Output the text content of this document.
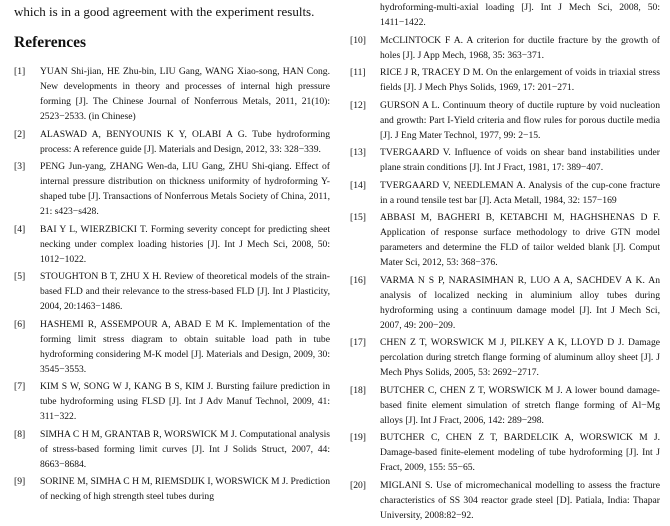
which is in a good agreement with the experiment results.
References
[1]	YUAN Shi-jian, HE Zhu-bin, LIU Gang, WANG Xiao-song, HAN Cong. New developments in theory and processes of internal high pressure forming [J]. The Chinese Journal of Nonferrous Metals, 2011, 21(10): 2523−2533. (in Chinese)
[2]	ALASWAD A, BENYOUNIS K Y, OLABI A G. Tube hydroforming process: A reference guide [J]. Materials and Design, 2012, 33: 328−339.
[3]	PENG Jun-yang, ZHANG Wen-da, LIU Gang, ZHU Shi-qiang. Effect of internal pressure distribution on thickness uniformity of hydroforming Y-shaped tube [J]. Transactions of Nonferrous Metals Society of China, 2011, 21: s423−s428.
[4]	BAI Y L, WIERZBICKI T. Forming severity concept for predicting sheet necking under complex loading histories [J]. Int J Mech Sci, 2008, 50: 1012−1022.
[5]	STOUGHTON B T, ZHU X H. Review of theoretical models of the strain-based FLD and their relevance to the stress-based FLD [J]. Int J Plasticity, 2004, 20:1463−1486.
[6]	HASHEMI R, ASSEMPOUR A, ABAD E M K. Implementation of the forming limit stress diagram to obtain suitable load path in tube hydroforming considering M-K model [J]. Materials and Design, 2009, 30: 3545−3553.
[7]	KIM S W, SONG W J, KANG B S, KIM J. Bursting failure prediction in tube hydroforming using FLSD [J]. Int J Adv Manuf Technol, 2009, 41: 311−322.
[8]	SIMHA C H M, GRANTAB R, WORSWICK M J. Computational analysis of stress-based forming limit curves [J]. Int J Solids Struct, 2007, 44: 8663−8684.
[9]	SORINE M, SIMHA C H M, RIEMSDIJK I, WORSWICK M J. Prediction of necking of high strength steel tubes during
hydroforming-multi-axial loading [J]. Int J Mech Sci, 2008, 50: 1411−1422.
[10]	McCLINTOCK F A. A criterion for ductile fracture by the growth of holes [J]. J App Mech, 1968, 35: 363−371.
[11]	RICE J R, TRACEY D M. On the enlargement of voids in triaxial stress fields [J]. J Mech Phys Solids, 1969, 17: 201−271.
[12]	GURSON A L. Continuum theory of ductile rupture by void nucleation and growth: Part I-Yield criteria and flow rules for porous ductile media [J]. J Eng Mater Technol, 1977, 99: 2−15.
[13]	TVERGAARD V. Influence of voids on shear band instabilities under plane strain conditions [J]. Int J Fract, 1981, 17: 389−407.
[14]	TVERGAARD V, NEEDLEMAN A. Analysis of the cup-cone fracture in a round tensile test bar [J]. Acta Metall, 1984, 32: 157−169
[15]	ABBASI M, BAGHERI B, KETABCHI M, HAGHSHENAS D F. Application of response surface methodology to drive GTN model parameters and determine the FLD of tailor welded blank [J]. Comput Mater Sci, 2012, 53: 368−376.
[16]	VARMA N S P, NARASIMHAN R, LUO A A, SACHDEV A K. An analysis of localized necking in aluminium alloy tubes during hydroforming using a continuum damage model [J]. Int J Mech Sci, 2007, 49: 200−209.
[17]	CHEN Z T, WORSWICK M J, PILKEY A K, LLOYD D J. Damage percolation during stretch flange forming of aluminum alloy sheet [J]. J Mech Phys Solids, 2005, 53: 2692−2717.
[18]	BUTCHER C, CHEN Z T, WORSWICK M J. A lower bound damage-based finite element simulation of stretch flange forming of Al−Mg alloys [J]. Int J Fract, 2006, 142: 289−298.
[19]	BUTCHER C, CHEN Z T, BARDELCIK A, WORSWICK M J. Damage-based finite-element modeling of tube hydroforming [J]. Int J Fract, 2009, 155: 55−65.
[20]	MIGLANI S. Use of micromechanical modelling to assess the fracture characteristics of SS 304 reactor grade steel [D]. Patiala, India: Thapar University, 2008:82−92.
